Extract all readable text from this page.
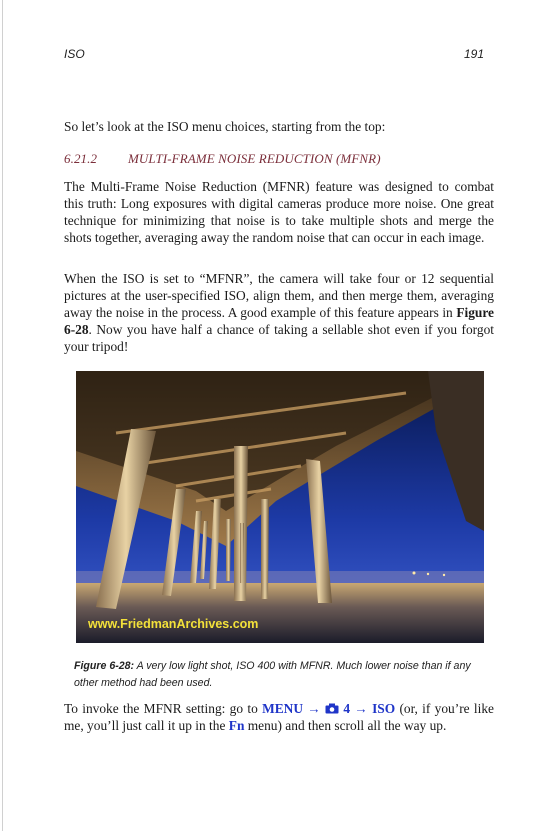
ISO	191
So let’s look at the ISO menu choices, starting from the top:
6.21.2 MULTI-FRAME NOISE REDUCTION (MFNR)
The Multi-Frame Noise Reduction (MFNR) feature was designed to combat this truth: Long exposures with digital cameras produce more noise. One great technique for minimizing that noise is to take multiple shots and merge the shots together, averaging away the random noise that can occur in each image.
When the ISO is set to “MFNR”, the camera will take four or 12 sequential pictures at the user-specified ISO, align them, and then merge them, averaging away the noise in the process. A good example of this feature appears in Figure 6-28. Now you have half a chance of taking a sellable shot even if you forgot your tripod!
www.FriedmanArchives.com
Figure 6-28: A very low light shot, ISO 400 with MFNR. Much lower noise than if any other method had been used.
To invoke the MFNR setting: go to MENU →  4 → ISO (or, if you’re like me, you’ll just call it up in the Fn menu) and then scroll all the way up.
